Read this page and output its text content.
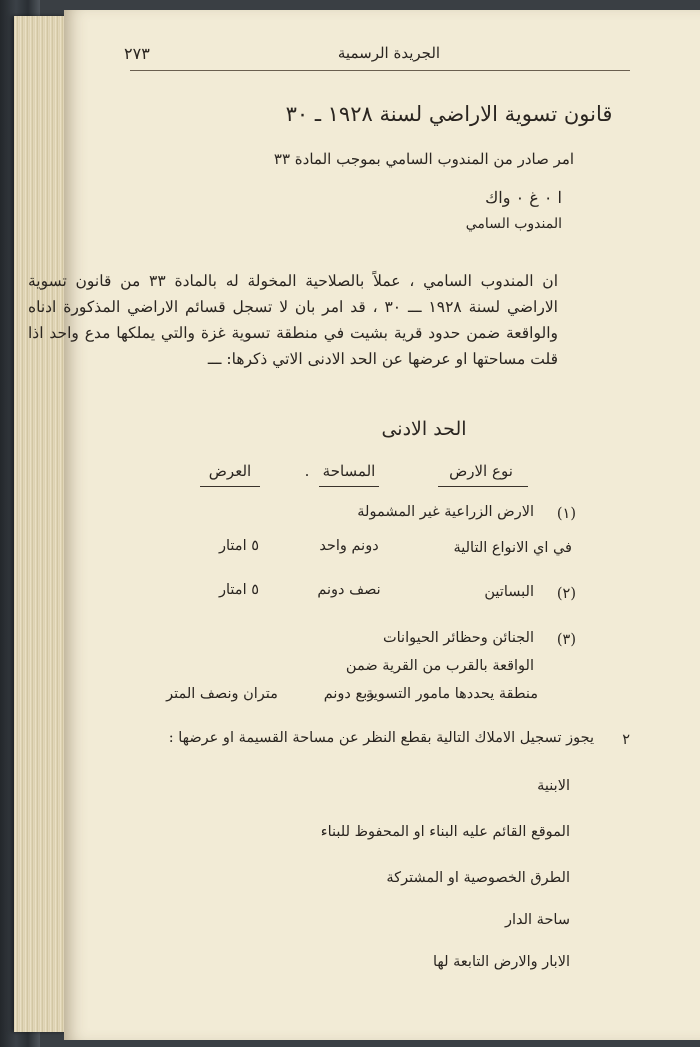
٢٧٣	الجريدة الرسمية
قانون تسوية الاراضي لسنة ١٩٢٨ ـ ٣٠
امر صادر من المندوب السامي بموجب المادة ٣٣
ا ٠ غ ٠ واك
المندوب السامي
ان المندوب السامي ، عملاً بالصلاحية المخولة له بالمادة ٣٣ من قانون تسوية الاراضي لسنة ١٩٢٨ ـــ ٣٠ ، قد امر بان لا تسجل قسائم الاراضي المذكورة ادناه والواقعة ضمن حدود قرية بشيت في منطقة تسوية غزة والتي يملكها مدع واحد اذا قلت مساحتها او عرضها عن الحد الادنى الاتي ذكرها: ـــ
الحد الادنى
نوع الارض
المساحة
.
العرض
(١)
الارض الزراعية غير المشمولة
في اي الانواع التالية
دونم واحد
٥ امتار
(٢)
البساتين
نصف دونم
٥ امتار
(٣)
الجنائن وحظائر الحيوانات
الواقعة بالقرب من القرية ضمن
منطقة يحددها مامور التسوية
ربع دونم
متران ونصف المتر
٢
يجوز تسجيل الاملاك التالية بقطع النظر عن مساحة القسيمة او عرضها :
الابنية
الموقع القائم عليه البناء او المحفوظ للبناء
الطرق الخصوصية او المشتركة
ساحة الدار
الابار والارض التابعة لها
